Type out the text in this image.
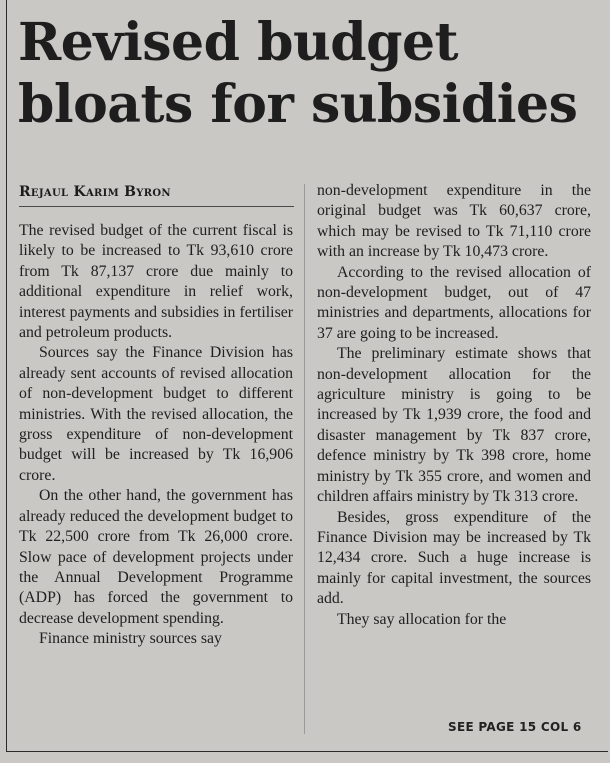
Revised budget
bloats for subsidies
Rejaul Karim Byron

The revised budget of the current fiscal is likely to be increased to Tk 93,610 crore from Tk 87,137 crore due mainly to additional expenditure in relief work, interest payments and subsidies in fertiliser and petroleum products.

Sources say the Finance Division has already sent accounts of revised allocation of non-development budget to different ministries. With the revised allocation, the gross expenditure of non-development budget will be increased by Tk 16,906 crore.

On the other hand, the government has already reduced the development budget to Tk 22,500 crore from Tk 26,000 crore. Slow pace of development projects under the Annual Development Programme (ADP) has forced the government to decrease development spending.

Finance ministry sources say

non-development expenditure in the original budget was Tk 60,637 crore, which may be revised to Tk 71,110 crore with an increase by Tk 10,473 crore.

According to the revised allocation of non-development budget, out of 47 ministries and departments, allocations for 37 are going to be increased.

The preliminary estimate shows that non-development allocation for the agriculture ministry is going to be increased by Tk 1,939 crore, the food and disaster management by Tk 837 crore, defence ministry by Tk 398 crore, home ministry by Tk 355 crore, and women and children affairs ministry by Tk 313 crore.

Besides, gross expenditure of the Finance Division may be increased by Tk 12,434 crore. Such a huge increase is mainly for capital investment, the sources add.

They say allocation for the

SEE PAGE 15 COL 6
